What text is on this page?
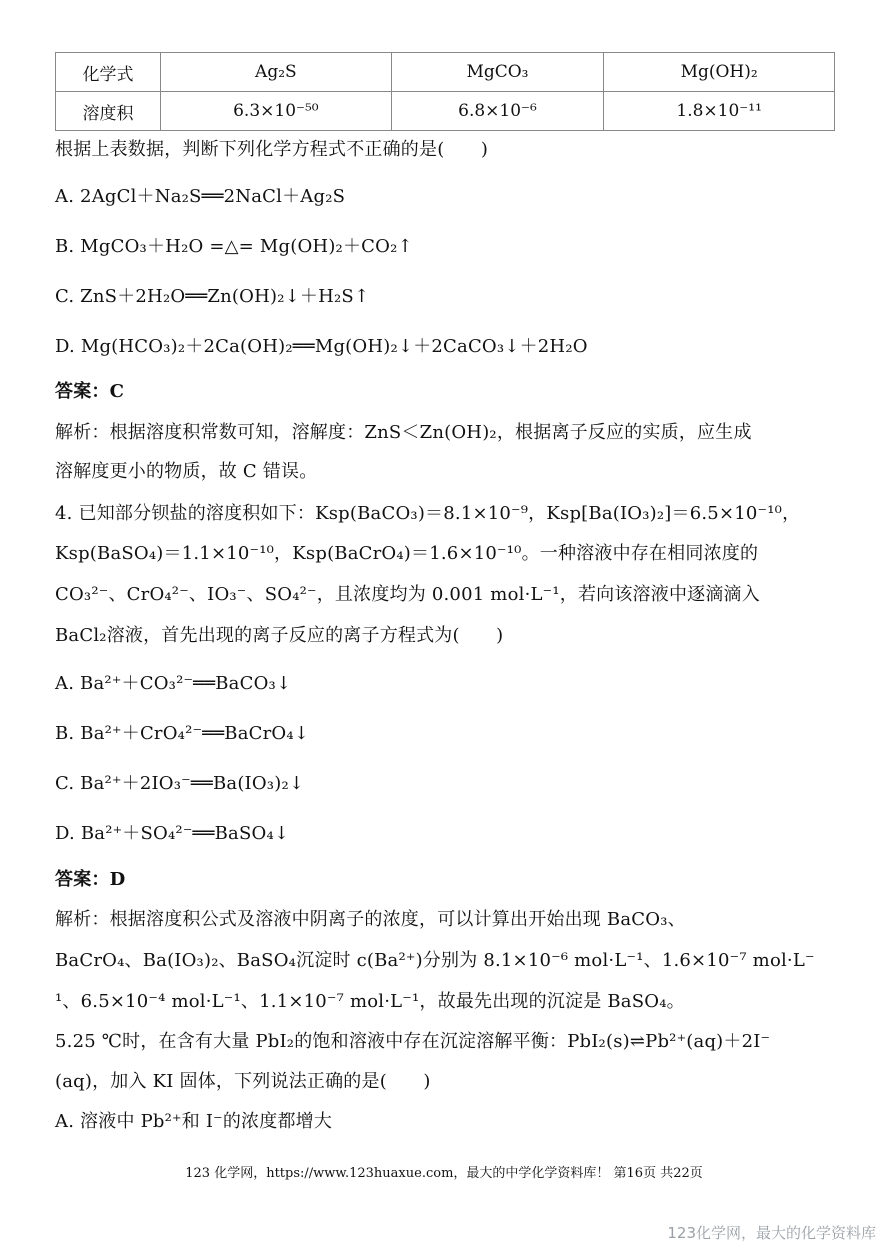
化学式	Ag₂S	MgCO₃	Mg(OH)₂
溶度积	6.3×10⁻⁵⁰	6.8×10⁻⁶	1.8×10⁻¹¹
根据上表数据，判断下列化学方程式不正确的是(　　)
A. 2AgCl＋Na₂S══2NaCl＋Ag₂S
B. MgCO₃＋H₂O =△= Mg(OH)₂＋CO₂↑
C. ZnS＋2H₂O══Zn(OH)₂↓＋H₂S↑
D. Mg(HCO₃)₂＋2Ca(OH)₂══Mg(OH)₂↓＋2CaCO₃↓＋2H₂O
答案：C
解析：根据溶度积常数可知，溶解度：ZnS＜Zn(OH)₂，根据离子反应的实质，应生成
溶解度更小的物质，故 C 错误。
4. 已知部分钡盐的溶度积如下：Ksp(BaCO₃)＝8.1×10⁻⁹，Ksp[Ba(IO₃)₂]＝6.5×10⁻¹⁰，
Ksp(BaSO₄)＝1.1×10⁻¹⁰，Ksp(BaCrO₄)＝1.6×10⁻¹⁰。一种溶液中存在相同浓度的
CO₃²⁻、CrO₄²⁻、IO₃⁻、SO₄²⁻，且浓度均为 0.001 mol·L⁻¹，若向该溶液中逐滴滴入
BaCl₂溶液，首先出现的离子反应的离子方程式为(　　)
A. Ba²⁺＋CO₃²⁻══BaCO₃↓
B. Ba²⁺＋CrO₄²⁻══BaCrO₄↓
C. Ba²⁺＋2IO₃⁻══Ba(IO₃)₂↓
D. Ba²⁺＋SO₄²⁻══BaSO₄↓
答案：D
解析：根据溶度积公式及溶液中阴离子的浓度，可以计算出开始出现 BaCO₃、
BaCrO₄、Ba(IO₃)₂、BaSO₄沉淀时 c(Ba²⁺)分别为 8.1×10⁻⁶ mol·L⁻¹、1.6×10⁻⁷ mol·L⁻
¹、6.5×10⁻⁴ mol·L⁻¹、1.1×10⁻⁷ mol·L⁻¹，故最先出现的沉淀是 BaSO₄。
5.25 ℃时，在含有大量 PbI₂的饱和溶液中存在沉淀溶解平衡：PbI₂(s)⇌Pb²⁺(aq)＋2I⁻
(aq)，加入 KI 固体，下列说法正确的是(　　)
A. 溶液中 Pb²⁺和 I⁻的浓度都增大
123 化学网，https://www.123huaxue.com，最大的中学化学资料库！ 第16页 共22页
123化学网，最大的化学资料库
